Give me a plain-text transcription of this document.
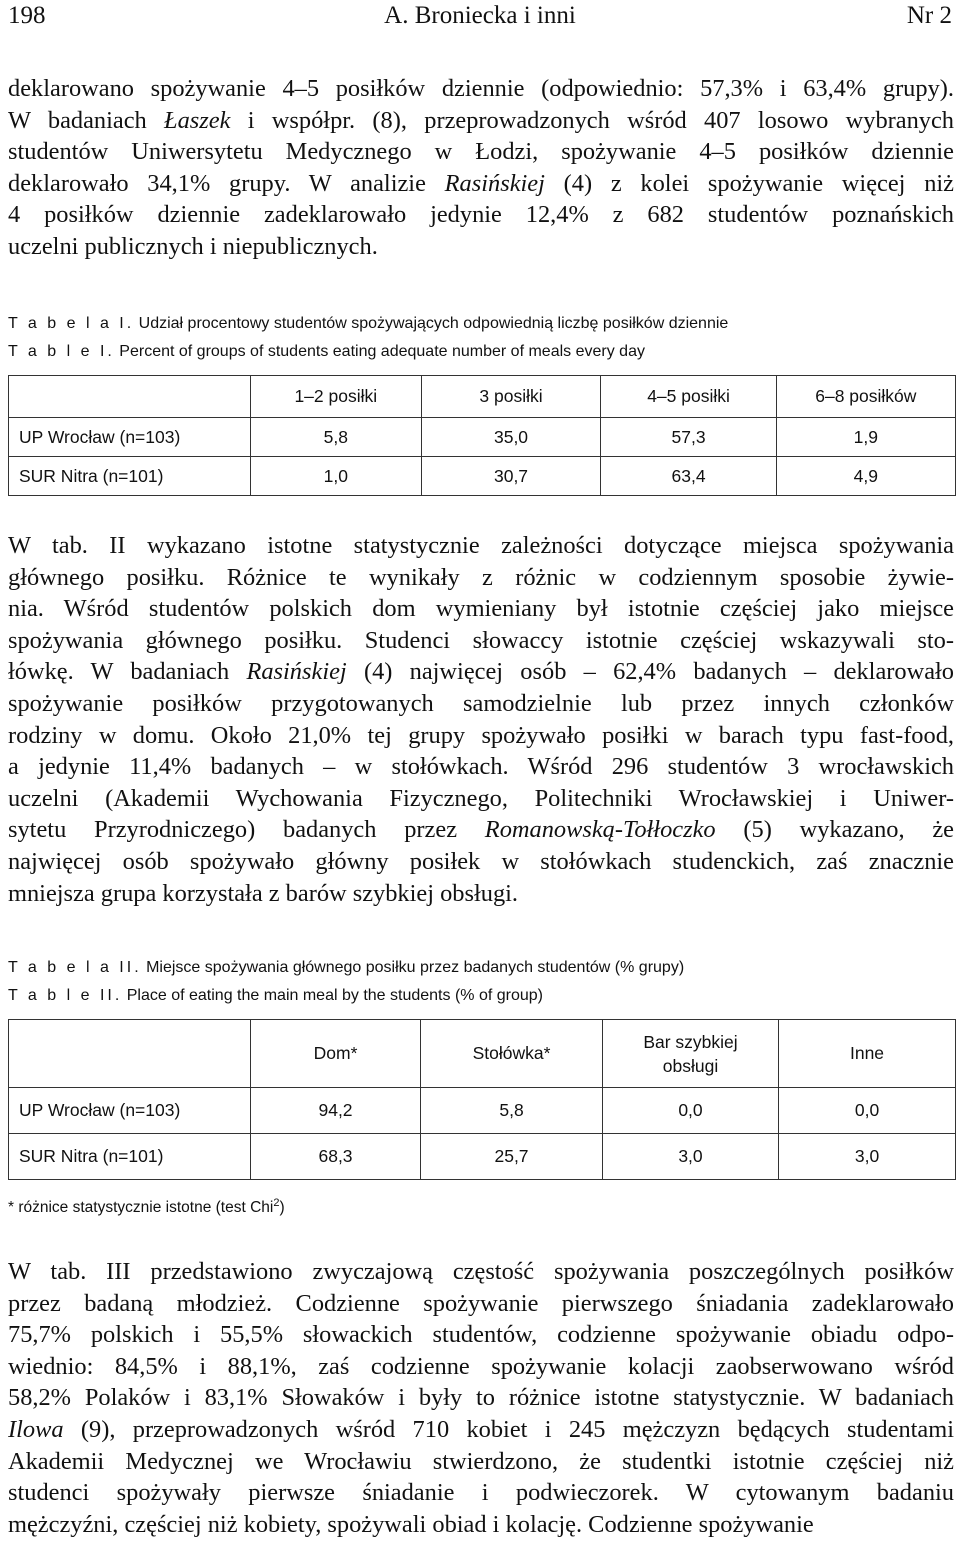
198	A. Broniecka i inni	Nr 2
deklarowano spożywanie 4–5 posiłków dziennie (odpowiednio: 57,3% i 63,4% grupy).
W badaniach Łaszek i współpr. (8), przeprowadzonych wśród 407 losowo wybranych
studentów Uniwersytetu Medycznego w Łodzi, spożywanie 4–5 posiłków dziennie
deklarowało 34,1% grupy. W analizie Rasińskiej (4) z kolei spożywanie więcej niż
4 posiłków dziennie zadeklarowało jedynie 12,4% z 682 studentów poznańskich
uczelni publicznych i niepublicznych.

T a b e l a I. Udział procentowy studentów spożywających odpowiednią liczbę posiłków dziennie

T a b l e I. Percent of groups of students eating adequate number of meals every day

	1–2 posiłki	3 posiłki	4–5 posiłki	6–8 posiłków
UP Wrocław (n=103)	5,8	35,0	57,3	1,9
SUR Nitra (n=101)	1,0	30,7	63,4	4,9
W tab. II wykazano istotne statystycznie zależności dotyczące miejsca spożywania
głównego posiłku. Różnice te wynikały z różnic w codziennym sposobie żywie-
nia. Wśród studentów polskich dom wymieniany był istotnie częściej jako miejsce
spożywania głównego posiłku. Studenci słowaccy istotnie częściej wskazywali sto-
łówkę. W badaniach Rasińskiej (4) najwięcej osób – 62,4% badanych – deklarowało
spożywanie posiłków przygotowanych samodzielnie lub przez innych członków
rodziny w domu. Około 21,0% tej grupy spożywało posiłki w barach typu fast-food,
a jedynie 11,4% badanych – w stołówkach. Wśród 296 studentów 3 wrocławskich
uczelni (Akademii Wychowania Fizycznego, Politechniki Wrocławskiej i Uniwer-
sytetu Przyrodniczego) badanych przez Romanowską-Tołłoczko (5) wykazano, że
najwięcej osób spożywało główny posiłek w stołówkach studenckich, zaś znacznie
mniejsza grupa korzystała z barów szybkiej obsługi.

T a b e l a II. Miejsce spożywania głównego posiłku przez badanych studentów (% grupy)

T a b l e II. Place of eating the main meal by the students (% of group)

	Dom*	Stołówka*	Bar szybkiej
obsługi	Inne
UP Wrocław (n=103)	94,2	5,8	0,0	0,0
SUR Nitra (n=101)	68,3	25,7	3,0	3,0

* różnice statystycznie istotne (test Chi$^2$)

W tab. III przedstawiono zwyczajową częstość spożywania poszczególnych posiłków
przez badaną młodzież. Codzienne spożywanie pierwszego śniadania zadeklarowało
75,7% polskich i 55,5% słowackich studentów, codzienne spożywanie obiadu odpo-
wiednio: 84,5% i 88,1%, zaś codzienne spożywanie kolacji zaobserwowano wśród
58,2% Polaków i 83,1% Słowaków i były to różnice istotne statystycznie. W badaniach
Ilowa (9), przeprowadzonych wśród 710 kobiet i 245 mężczyzn będących studentami
Akademii Medycznej we Wrocławiu stwierdzono, że studentki istotnie częściej niż
studenci spożywały pierwsze śniadanie i podwieczorek. W cytowanym badaniu
mężczyźni, częściej niż kobiety, spożywali obiad i kolację. Codzienne spożywanie
